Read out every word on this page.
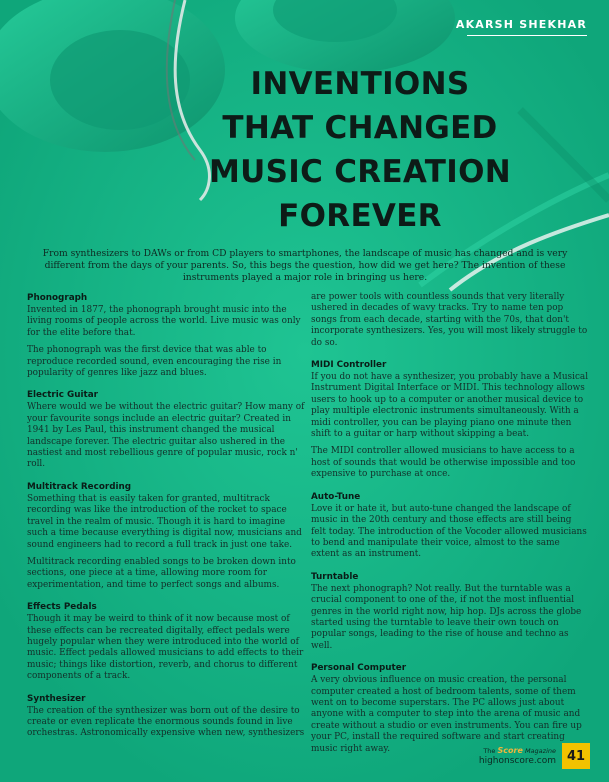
AKARSH SHEKHAR
INVENTIONS
THAT CHANGED
MUSIC CREATION
FOREVER
From synthesizers to DAWs or from CD players to smartphones, the landscape of music has changed and is very different from the days of your parents. So, this begs the question, how did we get here? The invention of these instruments played a major role in bringing us here.
Phonograph

Invented in 1877, the phonograph brought music into the living rooms of people across the world. Live music was only for the elite before that.

The phonograph was the first device that was able to reproduce recorded sound, even encouraging the rise in popularity of genres like jazz and blues.

Electric Guitar

Where would we be without the electric guitar? How many of your favourite songs include an electric guitar? Created in 1941 by Les Paul, this instrument changed the musical landscape forever. The electric guitar also ushered in the nastiest and most rebellious genre of popular music, rock n' roll.

Multitrack Recording

Something that is easily taken for granted, multitrack recording was like the introduction of the rocket to space travel in the realm of music. Though it is hard to imagine such a time because everything is digital now, musicians and sound engineers had to record a full track in just one take.

Multitrack recording enabled songs to be broken down into sections, one piece at a time, allowing more room for experimentation, and time to perfect songs and albums.

Effects Pedals

Though it may be weird to think of it now because most of these effects can be recreated digitally, effect pedals were hugely popular when they were introduced into the world of music. Effect pedals allowed musicians to add effects to their music; things like distortion, reverb, and chorus to different components of a track.

Synthesizer

The creation of the synthesizer was born out of the desire to create or even replicate the enormous sounds found in live orchestras. Astronomically expensive when new, synthesizers

are power tools with countless sounds that very literally ushered in decades of wavy tracks. Try to name ten pop songs from each decade, starting with the 70s, that don't incorporate synthesizers. Yes, you will most likely struggle to do so.

MIDI Controller

If you do not have a synthesizer, you probably have a Musical Instrument Digital Interface or MIDI. This technology allows users to hook up to a computer or another musical device to play multiple electronic instruments simultaneously. With a midi controller, you can be playing piano one minute then shift to a guitar or harp without skipping a beat.

The MIDI controller allowed musicians to have access to a host of sounds that would be otherwise impossible and too expensive to purchase at once.

Auto-Tune

Love it or hate it, but auto-tune changed the landscape of music in the 20th century and those effects are still being felt today. The introduction of the Vocoder allowed musicians to bend and manipulate their voice, almost to the same extent as an instrument.

Turntable

The next phonograph? Not really. But the turntable was a crucial component to one of the, if not the most influential genres in the world right now, hip hop. DJs across the globe started using the turntable to leave their own touch on popular songs, leading to the rise of house and techno as well.

Personal Computer

A very obvious influence on music creation, the personal computer created a host of bedroom talents, some of them went on to become superstars. The PC allows just about anyone with a computer to step into the arena of music and create without a studio or even instruments. You can fire up your PC, install the required software and start creating music right away.	The Score Magazine
highonscore.com 41
